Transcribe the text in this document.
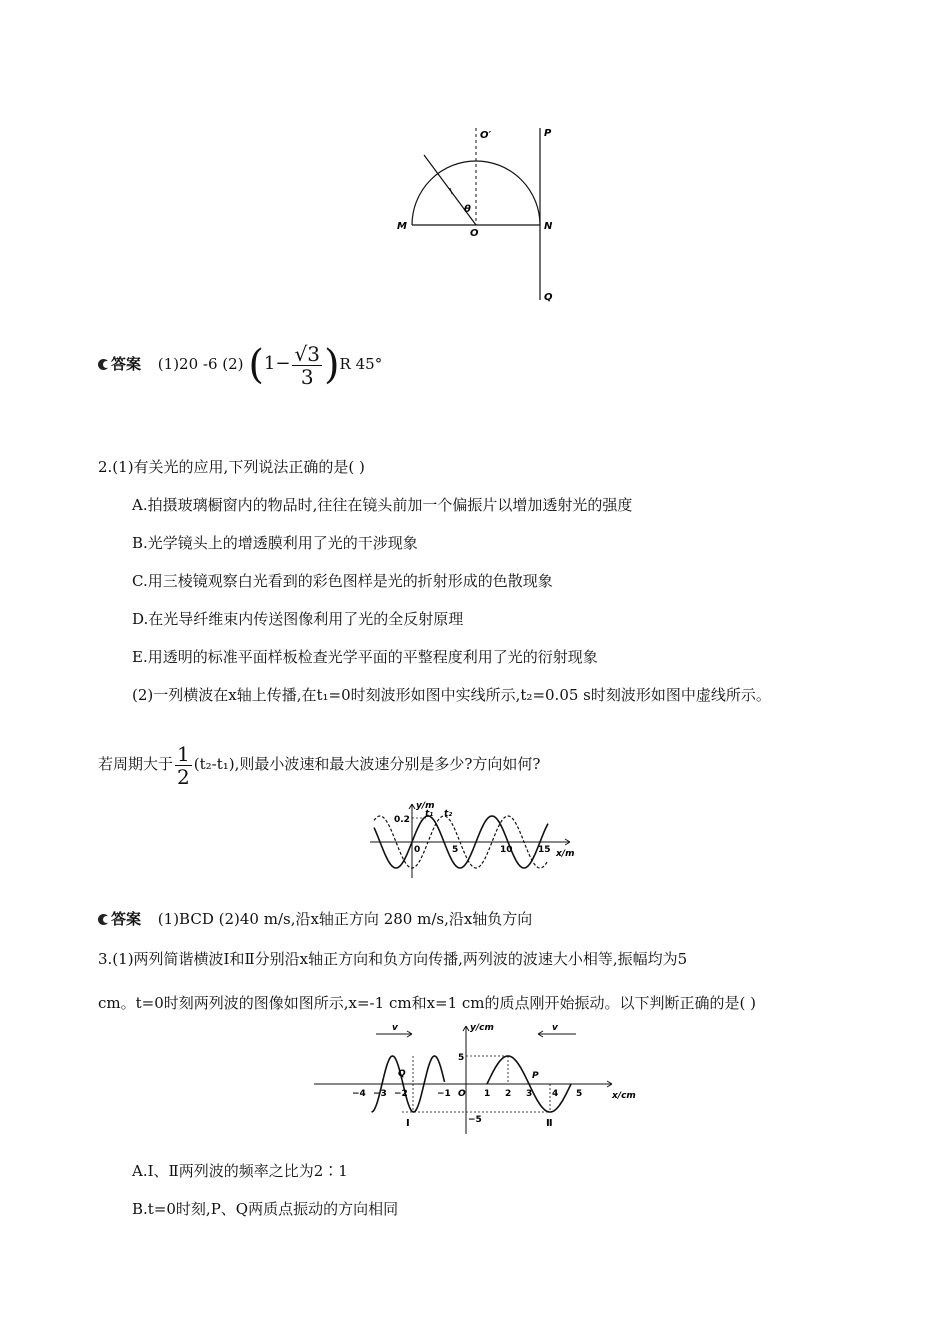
O′	P
M
O
θ
N
Q
答案 (1)20 -6 (2) $(1- \frac{√3}{3} )R$ 45°
2.(1)有关光的应用,下列说法正确的是( )
A.拍摄玻璃橱窗内的物品时,往往在镜头前加一个偏振片以增加透射光的强度
B.光学镜头上的增透膜利用了光的干涉现象
C.用三棱镜观察白光看到的彩色图样是光的折射形成的色散现象
D.在光导纤维束内传送图像利用了光的全反射原理
E.用透明的标准平面样板检查光学平面的平整程度利用了光的衍射现象
(2)一列横波在x轴上传播,在t₁=0时刻波形如图中实线所示,t₂=0.05 s时刻波形如图中虚线所示。
若周期大于 $\frac{1}{2} (t_2-t_1)$,则最小波速和最大波速分别是多少?方向如何?
y/m
x/m
0.2
0	5	10	15
t₁ t₂
答案 (1)BCD (2)40 m/s,沿x轴正方向 280 m/s,沿x轴负方向
3.(1)两列简谐横波Ⅰ和Ⅱ分别沿x轴正方向和负方向传播,两列波的波速大小相等,振幅均为5
cm。t=0时刻两列波的图像如图所示,x=-1 cm和x=1 cm的质点刚开始振动。以下判断正确的是( )
v	v
y/cm
x/cm
5
−5
O
−4 −3 −2	−1	1 2 3 4 5
Q	P
Ⅰ	Ⅱ
A.Ⅰ、Ⅱ两列波的频率之比为2∶1
B.t=0时刻,P、Q两质点振动的方向相同
